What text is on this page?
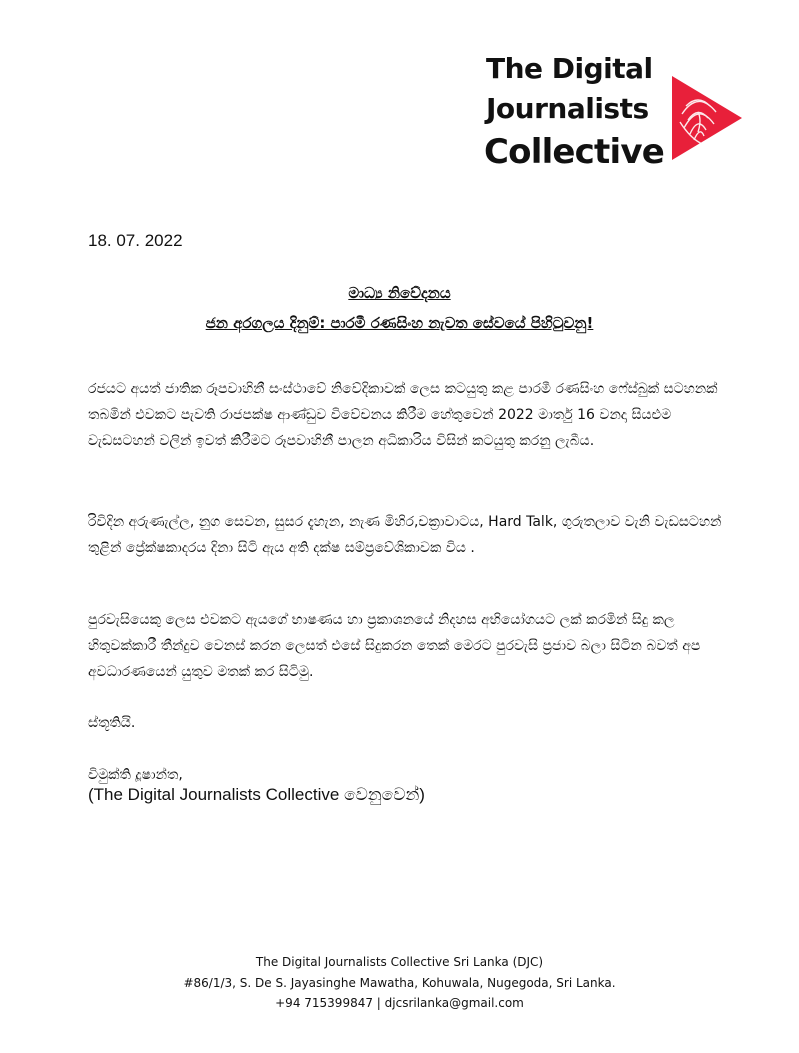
The Digital
Journalists
Collective
18. 07. 2022
මාධ්‍ය නිවේදනය
ජන අරගලය දිනුම්: පාරමී රණසිංහ නැවත සේවයේ පිහිටුවනු!

රජයට අයත් ජාතික රූපවාහිනී සංස්ථාවේ නිවේදිකාවක් ලෙස කටයුතු කළ පාරමී රණසිංහ ෆේස්බුක් සටහනක් තබමින් එවකට පැවති රාජපක්ෂ ආණ්ඩුව විවේචනය කිරීම හේතුවෙන් 2022 මාර්තු 16 වනදා සියළුම වැඩසටහන් වලින් ඉවත් කිරීමට රූපවාහිනී පාලන අධිකාරිය විසින් කටයුතු කරනු ලැබීය.

රිවිදින අරුණැල්ල, නුග සෙවන, සුසර දැහැන, නැණ මිහිර,චක්‍රාවාටය, Hard Talk, ගුරුතලාව වැනි වැඩසටහන් තුළින් ප්‍රේක්ෂකාදරය දිනා සිටි ඇය අති දක්ෂ සම්ප්‍රවේශිකාවක විය .

පුරවැසියෙකු ලෙස එවකට ඇයගේ භාෂණය හා ප්‍රකාශනයේ නිදහස අභියෝගයට ලක් කරමින් සිදු කල හිතුවක්කාරී තීන්දුව වෙනස් කරන ලෙසත් එසේ සිදුකරන තෙක් මෙරට පුරවැසි ප්‍රජාව බලා සිටින බවත් අප අවධාරණයෙන් යුතුව මතක් කර සිටිමු.

ස්තූතියි.

විමුක්ති දූෂාන්ත,

(The Digital Journalists Collective වෙනුවෙන්)
The Digital Journalists Collective Sri Lanka (DJC)
#86/1/3, S. De S. Jayasinghe Mawatha, Kohuwala, Nugegoda, Sri Lanka.
+94 715399847 | djcsrilanka@gmail.com
